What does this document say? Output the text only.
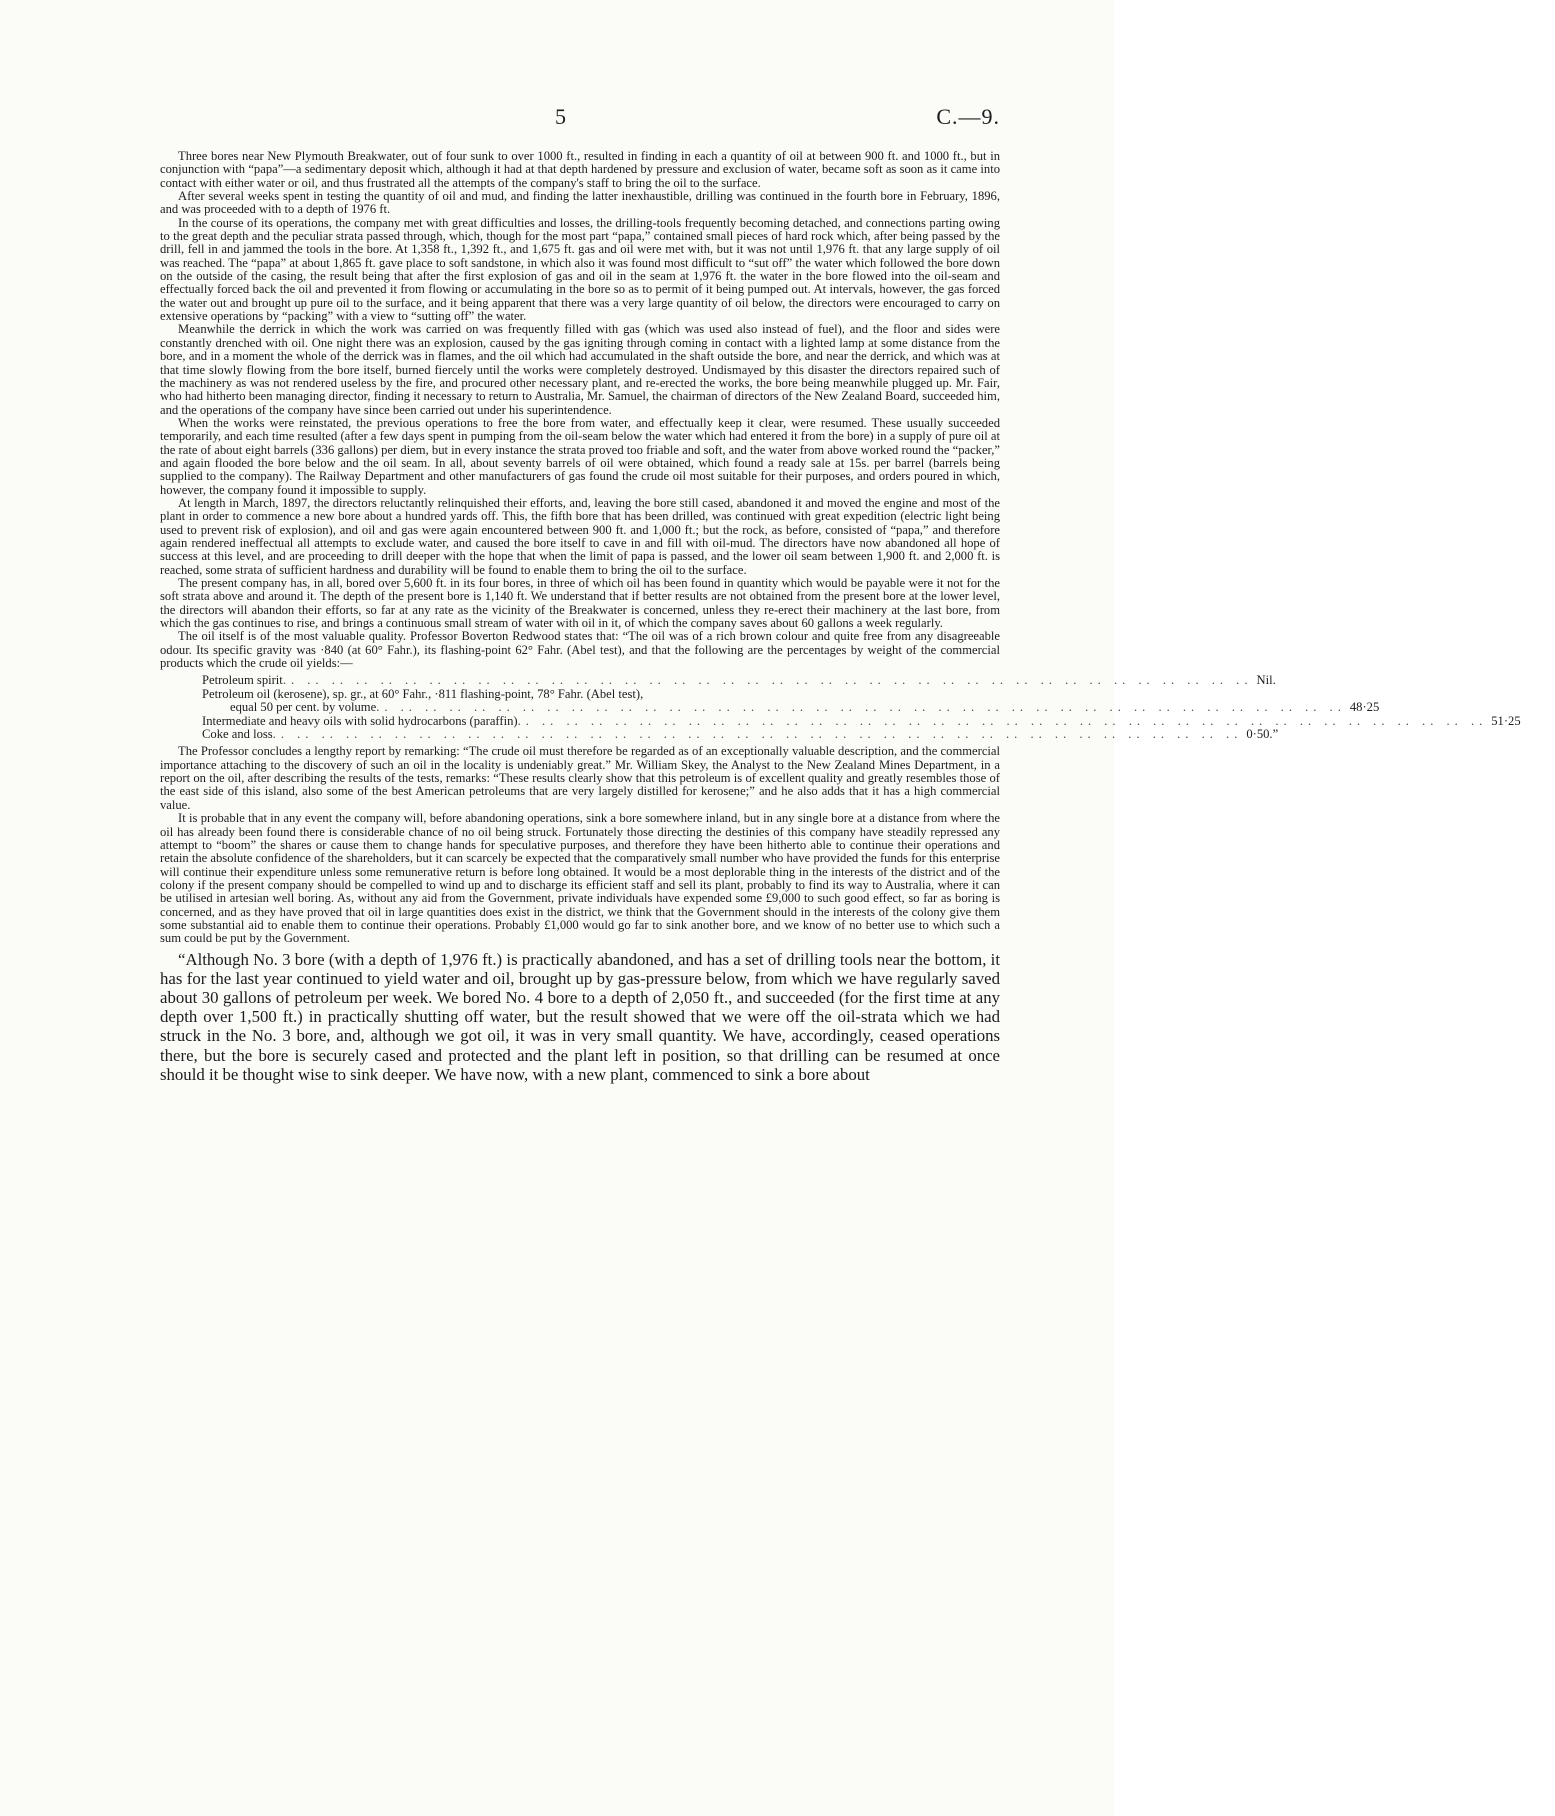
5	C.—9.

Three bores near New Plymouth Breakwater, out of four sunk to over 1000 ft., resulted in finding in each a quantity of oil at between 900 ft. and 1000 ft., but in conjunction with “papa”—a sedimentary deposit which, although it had at that depth hardened by pressure and exclusion of water, became soft as soon as it came into contact with either water or oil, and thus frustrated all the attempts of the company's staff to bring the oil to the surface.

After several weeks spent in testing the quantity of oil and mud, and finding the latter inexhaustible, drilling was continued in the fourth bore in February, 1896, and was proceeded with to a depth of 1976 ft.

In the course of its operations, the company met with great difficulties and losses, the drilling-tools frequently becoming detached, and connections parting owing to the great depth and the peculiar strata passed through, which, though for the most part “papa,” contained small pieces of hard rock which, after being passed by the drill, fell in and jammed the tools in the bore. At 1,358 ft., 1,392 ft., and 1,675 ft. gas and oil were met with, but it was not until 1,976 ft. that any large supply of oil was reached. The “papa” at about 1,865 ft. gave place to soft sandstone, in which also it was found most difficult to “sut off” the water which followed the bore down on the outside of the casing, the result being that after the first explosion of gas and oil in the seam at 1,976 ft. the water in the bore flowed into the oil-seam and effectually forced back the oil and prevented it from flowing or accumulating in the bore so as to permit of it being pumped out. At intervals, however, the gas forced the water out and brought up pure oil to the surface, and it being apparent that there was a very large quantity of oil below, the directors were encouraged to carry on extensive operations by “packing” with a view to “sutting off” the water.

Meanwhile the derrick in which the work was carried on was frequently filled with gas (which was used also instead of fuel), and the floor and sides were constantly drenched with oil. One night there was an explosion, caused by the gas igniting through coming in contact with a lighted lamp at some distance from the bore, and in a moment the whole of the derrick was in flames, and the oil which had accumulated in the shaft outside the bore, and near the derrick, and which was at that time slowly flowing from the bore itself, burned fiercely until the works were completely destroyed. Undismayed by this disaster the directors repaired such of the machinery as was not rendered useless by the fire, and procured other necessary plant, and re-erected the works, the bore being meanwhile plugged up. Mr. Fair, who had hitherto been managing director, finding it necessary to return to Australia, Mr. Samuel, the chairman of directors of the New Zealand Board, succeeded him, and the operations of the company have since been carried out under his superintendence.

When the works were reinstated, the previous operations to free the bore from water, and effectually keep it clear, were resumed. These usually succeeded temporarily, and each time resulted (after a few days spent in pumping from the oil-seam below the water which had entered it from the bore) in a supply of pure oil at the rate of about eight barrels (336 gallons) per diem, but in every instance the strata proved too friable and soft, and the water from above worked round the “packer,” and again flooded the bore below and the oil seam. In all, about seventy barrels of oil were obtained, which found a ready sale at 15s. per barrel (barrels being supplied to the company). The Railway Department and other manufacturers of gas found the crude oil most suitable for their purposes, and orders poured in which, however, the company found it impossible to supply.

At length in March, 1897, the directors reluctantly relinquished their efforts, and, leaving the bore still cased, abandoned it and moved the engine and most of the plant in order to commence a new bore about a hundred yards off. This, the fifth bore that has been drilled, was continued with great expedition (electric light being used to prevent risk of explosion), and oil and gas were again encountered between 900 ft. and 1,000 ft.; but the rock, as before, consisted of “papa,” and therefore again rendered ineffectual all attempts to exclude water, and caused the bore itself to cave in and fill with oil-mud. The directors have now abandoned all hope of success at this level, and are proceeding to drill deeper with the hope that when the limit of papa is passed, and the lower oil seam between 1,900 ft. and 2,000 ft. is reached, some strata of sufficient hardness and durability will be found to enable them to bring the oil to the surface.

The present company has, in all, bored over 5,600 ft. in its four bores, in three of which oil has been found in quantity which would be payable were it not for the soft strata above and around it. The depth of the present bore is 1,140 ft. We understand that if better results are not obtained from the present bore at the lower level, the directors will abandon their efforts, so far at any rate as the vicinity of the Breakwater is concerned, unless they re-erect their machinery at the last bore, from which the gas continues to rise, and brings a continuous small stream of water with oil in it, of which the company saves about 60 gallons a week regularly.

The oil itself is of the most valuable quality. Professor Boverton Redwood states that: “The oil was of a rich brown colour and quite free from any disagreeable odour. Its specific gravity was ·840 (at 60° Fahr.), its flashing-point 62° Fahr. (Abel test), and that the following are the percentages by weight of the commercial products which the crude oil yields:—

Petroleum spirit .. .. .. .. .. .. .. .. .. .. .. .. .. .. .. .. .. .. .. .. .. .. .. .. .. .. .. .. .. .. .. .. .. .. .. .. .. .. .. .. Nil.
Petroleum oil (kerosene), sp. gr., at 60° Fahr., ·811 flashing-point, 78° Fahr. (Abel test),
equal 50 per cent. by volume .. .. .. .. .. .. .. .. .. .. .. .. .. .. .. .. .. .. .. .. .. .. .. .. .. .. .. .. .. .. .. .. .. .. .. .. .. .. .. .. 48·25
Intermediate and heavy oils with solid hydrocarbons (paraffin) .. .. .. .. .. .. .. .. .. .. .. .. .. .. .. .. .. .. .. .. .. .. .. .. .. .. .. .. .. .. .. .. .. .. .. .. .. .. .. .. 51·25
Coke and loss .. .. .. .. .. .. .. .. .. .. .. .. .. .. .. .. .. .. .. .. .. .. .. .. .. .. .. .. .. .. .. .. .. .. .. .. .. .. .. .. 0·50.”

The Professor concludes a lengthy report by remarking: “The crude oil must therefore be regarded as of an exceptionally valuable description, and the commercial importance attaching to the discovery of such an oil in the locality is undeniably great.” Mr. William Skey, the Analyst to the New Zealand Mines Department, in a report on the oil, after describing the results of the tests, remarks: “These results clearly show that this petroleum is of excellent quality and greatly resembles those of the east side of this island, also some of the best American petroleums that are very largely distilled for kerosene;” and he also adds that it has a high commercial value.

It is probable that in any event the company will, before abandoning operations, sink a bore somewhere inland, but in any single bore at a distance from where the oil has already been found there is considerable chance of no oil being struck. Fortunately those directing the destinies of this company have steadily repressed any attempt to “boom” the shares or cause them to change hands for speculative purposes, and therefore they have been hitherto able to continue their operations and retain the absolute confidence of the shareholders, but it can scarcely be expected that the comparatively small number who have provided the funds for this enterprise will continue their expenditure unless some remunerative return is before long obtained. It would be a most deplorable thing in the interests of the district and of the colony if the present company should be compelled to wind up and to discharge its efficient staff and sell its plant, probably to find its way to Australia, where it can be utilised in artesian well boring. As, without any aid from the Government, private individuals have expended some £9,000 to such good effect, so far as boring is concerned, and as they have proved that oil in large quantities does exist in the district, we think that the Government should in the interests of the colony give them some substantial aid to enable them to continue their operations. Probably £1,000 would go far to sink another bore, and we know of no better use to which such a sum could be put by the Government.

“Although No. 3 bore (with a depth of 1,976 ft.) is practically abandoned, and has a set of drilling tools near the bottom, it has for the last year continued to yield water and oil, brought up by gas-pressure below, from which we have regularly saved about 30 gallons of petroleum per week. We bored No. 4 bore to a depth of 2,050 ft., and succeeded (for the first time at any depth over 1,500 ft.) in practically shutting off water, but the result showed that we were off the oil-strata which we had struck in the No. 3 bore, and, although we got oil, it was in very small quantity. We have, accordingly, ceased operations there, but the bore is securely cased and protected and the plant left in position, so that drilling can be resumed at once should it be thought wise to sink deeper. We have now, with a new plant, commenced to sink a bore about
